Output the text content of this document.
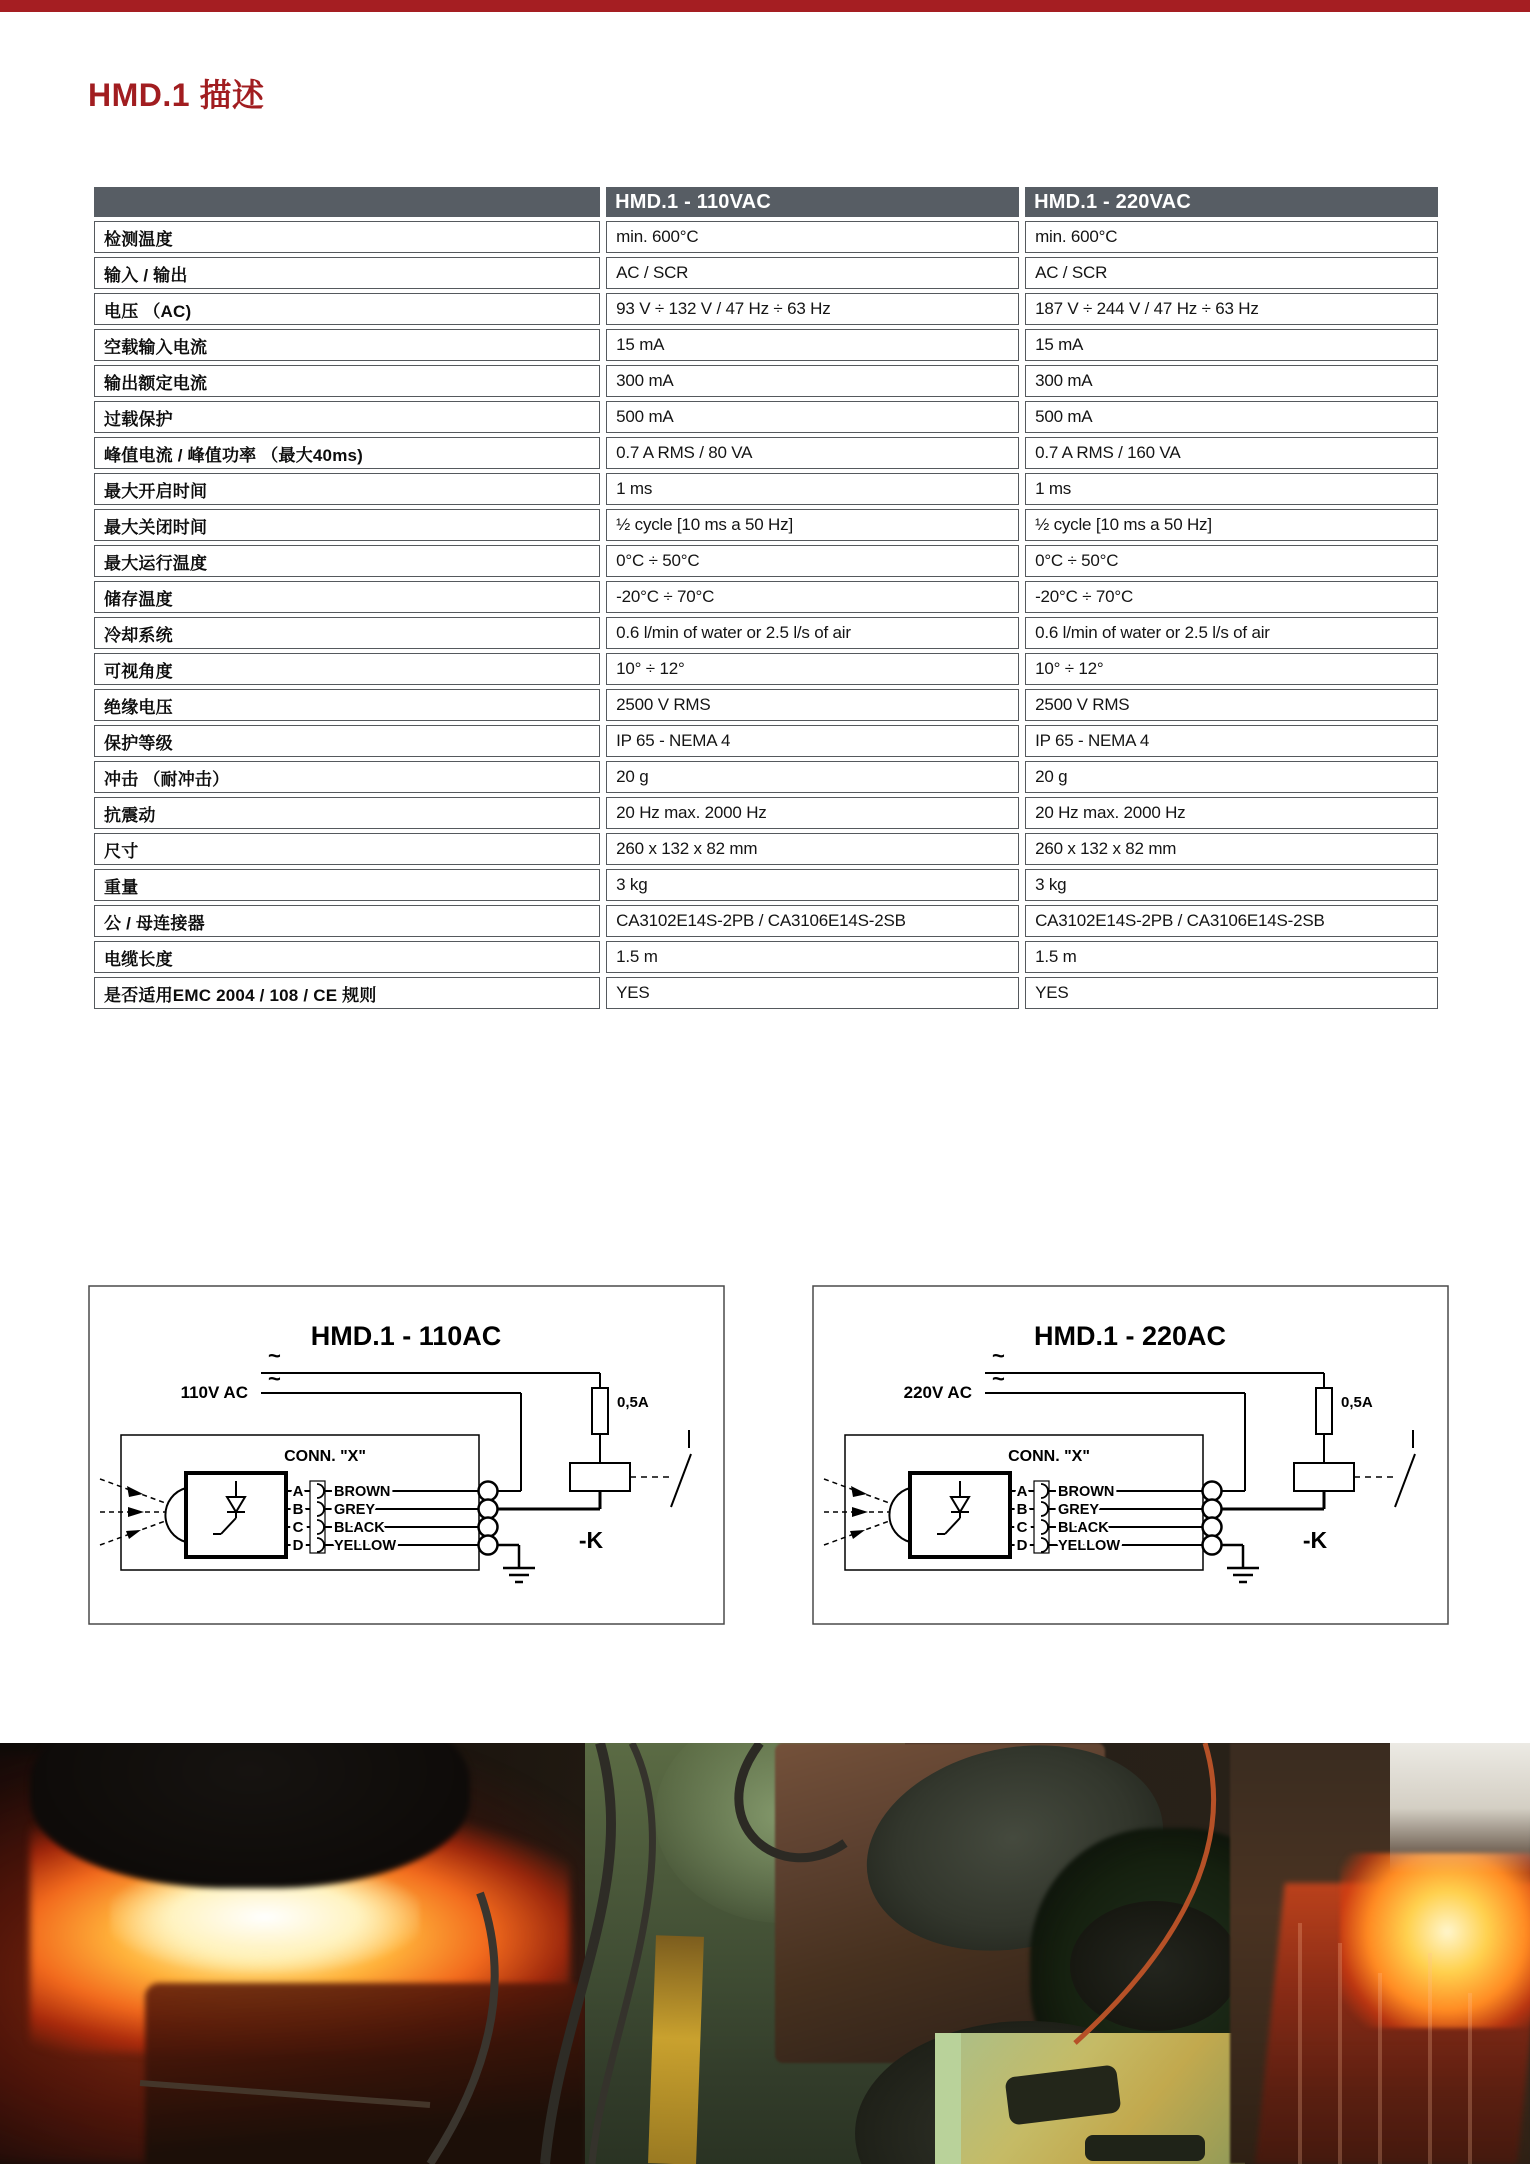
HMD.1 描述
	HMD.1 - 110VAC	HMD.1 - 220VAC
检测温度	min. 600°C	min. 600°C
输入 / 输出	AC / SCR	AC / SCR
电压 （AC)	93 V ÷ 132 V / 47 Hz ÷ 63 Hz	187 V ÷ 244 V / 47 Hz ÷ 63 Hz
空载输入电流	15 mA	15 mA
输出额定电流	300 mA	300 mA
过载保护	500 mA	500 mA
峰值电流 / 峰值功率 （最大40ms)	0.7 A RMS / 80 VA	0.7 A RMS / 160 VA
最大开启时间	1 ms	1 ms
最大关闭时间	½ cycle [10 ms a 50 Hz]	½ cycle [10 ms a 50 Hz]
最大运行温度	0°C ÷ 50°C	0°C ÷ 50°C
储存温度	-20°C ÷ 70°C	-20°C ÷ 70°C
冷却系统	0.6 l/min of water or 2.5 l/s of air	0.6 l/min of water or 2.5 l/s of air
可视角度	10° ÷ 12°	10° ÷ 12°
绝缘电压	2500 V RMS	2500 V RMS
保护等级	IP 65 - NEMA 4	IP 65 - NEMA 4
冲击 （耐冲击）	20 g	20 g
抗震动	20 Hz max. 2000 Hz	20 Hz max. 2000 Hz
尺寸	260 x 132 x 82 mm	260 x 132 x 82 mm
重量	3 kg	3 kg
公 / 母连接器	CA3102E14S-2PB / CA3106E14S-2SB	CA3102E14S-2PB / CA3106E14S-2SB
电缆长度	1.5 m	1.5 m
是否适用EMC 2004 / 108 / CE 规则	YES	YES
HMD.1 - 110AC
~
~
110V AC
0,5A
-K
CONN. "X"
A
B
C
D
BROWN
GREY
BLACK
YELLOW
HMD.1 - 220AC
~
~
220V AC
0,5A
-K
CONN. "X"
A
B
C
D
BROWN
GREY
BLACK
YELLOW
